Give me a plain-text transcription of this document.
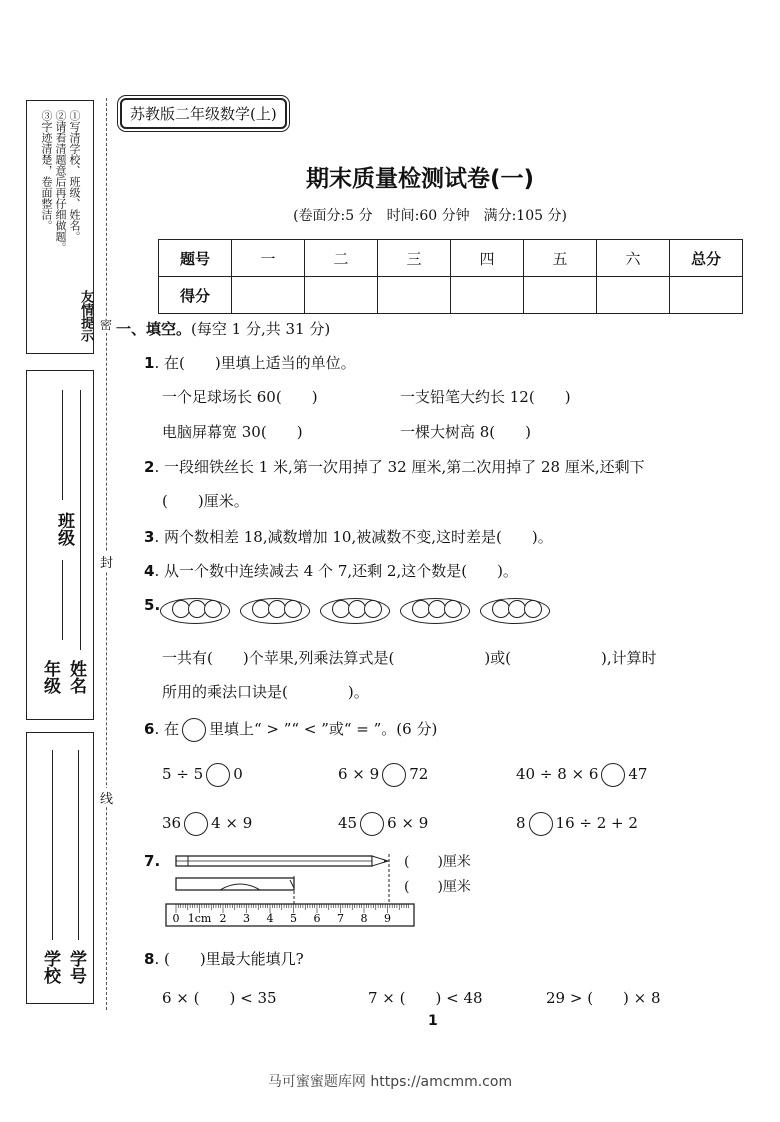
①写清学校、班级、姓名。
②请看清题意后再仔细做题。
③字迹清楚，卷面整洁。
友情提示
班级
年级 姓名
学校 学号
密
封
线
苏教版二年级数学(上)
期末质量检测试卷(一)
(卷面分:5 分　时间:60 分钟　满分:105 分)
题号	一	二	三	四	五	六	总分
得分							
一、填空。(每空 1 分,共 31 分)
1. 在(　　)里填上适当的单位。
一个足球场长 60(　　)	一支铅笔大约长 12(　　)
电脑屏幕宽 30(　　)	一棵大树高 8(　　)
2. 一段细铁丝长 1 米,第一次用掉了 32 厘米,第二次用掉了 28 厘米,还剩下
(　　)厘米。
3. 两个数相差 18,减数增加 10,被减数不变,这时差是(　　)。
4. 从一个数中连续减去 4 个 7,还剩 2,这个数是(　　)。
5.
一共有(　　)个苹果,列乘法算式是(　　　　　　)或(　　　　　　),计算时
所用的乘法口诀是(　　　　)。
6. 在 里填上“ > ”“ < ”或“ = ”。(6 分)
5 ÷ 5 0	6 × 9 72	40 ÷ 8 × 6 47
36 4 × 9	45 6 × 9	8 16 ÷ 2 + 2
7.
0 1cm 2 3 4 5 6 7 8 9
(　　)厘米
(　　)厘米
8. (　　)里最大能填几?
6 × (　　) < 35	7 × (　　) < 48	29 > (　　) × 8
1
马可蜜蜜题库网 https://amcmm.com
